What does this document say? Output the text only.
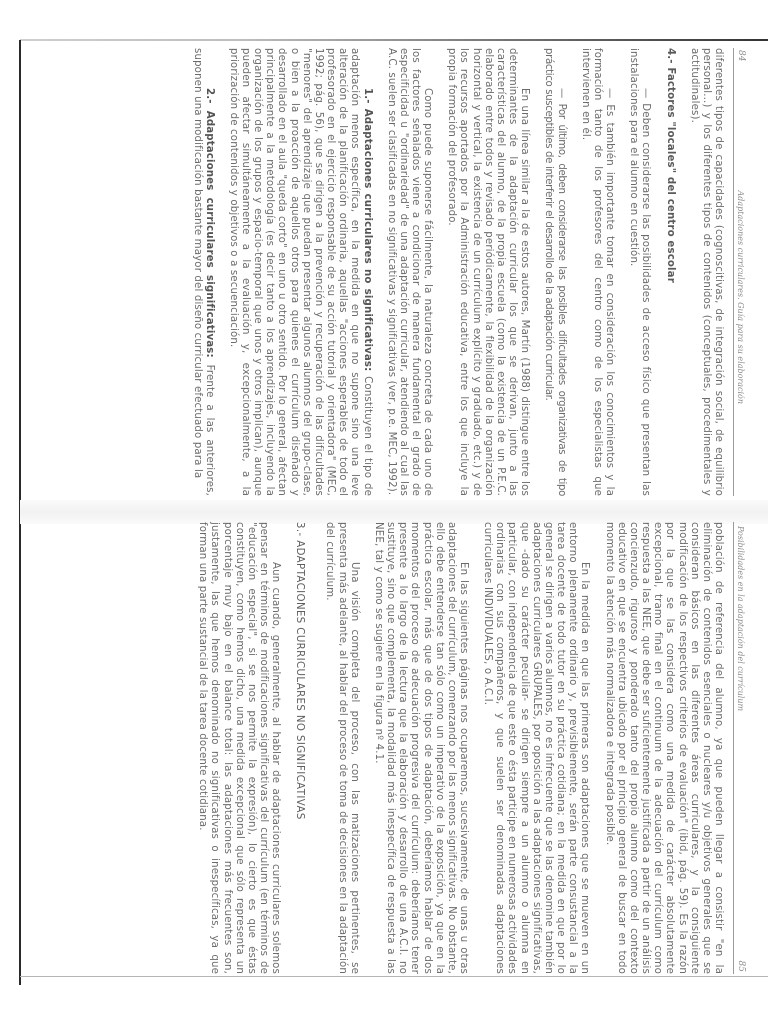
84
Adaptaciones curriculares. Guía para su elaboración

diferentes tipos de capacidades (cognoscitivas, de integración social, de equilibrio personal...) y los diferentes tipos de contenidos (conceptuales, procedimentales y actitudinales).

4.- Factores "locales" del centro escolar

— Deben considerarse las posibilidades de acceso físico que presentan las instalaciones para el alumno en cuestión.

— Es también importante tomar en consideración los conocimientos y la formación tanto de los profesores del centro como de los especialistas que intervienen en él.

— Por último, deben considerarse las posibles dificultades organizativas de tipo práctico susceptibles de interferir el desarrollo de la adaptación curricular.

En una línea similar a la de estos autores, Martín (1988) distingue entre los determinantes de la adaptación curricular los que se derivan, junto a las características del alumno, de la propia escuela (como la existencia de un P.E.C. elaborado entre todos y revisado periódicamente, la flexibilidad de la organización horizontal y vertical, la existencia de un currículum explícito y graduado, etc.) y de los recursos aportados por la Administración educativa, entre los que incluye la propia formación del profesorado.

Como puede suponerse fácilmente, la naturaleza concreta de cada uno de los factores señalados viene a condicionar de manera fundamental el grado de especificidad u "ordinariedad" de una adaptación curricular, atendiendo al cual las A.C. suelen ser clasificadas en no significativas y significativas (ver, p.e. MEC, 1992).

1.- Adaptaciones curriculares no significativas: Constituyen el tipo de adaptación menos específica, en la medida en que no supone sino una leve alteración de la planificación ordinaria, aquellas "acciones esperables de todo el profesorado en el ejercicio responsable de su acción tutorial y orientadora" (MEC, 1992; pág. 56), que se dirigen a la prevención y recuperación de las dificultades "menores" del aprendizaje que puedan presentar algunos alumnos del grupo-clase, o bien a la proacción de aquellos otros para quienes el currículum diseñado y desarrollado en el aula "queda corto" en uno u otro sentido. Por lo general, afectan principalmente a la metodología (es decir tanto a los aprendizajes, incluyendo la organización de los grupos y espacio-temporal que unos y otros implican), aunque pueden afectar simultáneamente a la evaluación y, excepcionalmente, a la priorización de contenidos y objetivos o a secuenciación.

2.- Adaptaciones curriculares significativas: Frente a las anteriores, suponen una modificación bastante mayor del diseño curricular efectuado para la

Posibilidades en la adaptación del currículum
85

población de referencia del alumno, ya que pueden llegar a consistir "en la eliminación de contenidos esenciales o nucleares y/u objetivos generales que se consideran básicos en las diferentes áreas curriculares, y la consiguiente modificación de los respectivos criterios de evaluación" (ibid, pág. 59). Es la razón por la que se las considera como una medida de carácter absolutamente excepcional, tramo final en el continuum de la adecuación del currículum como respuesta a las NEE, que debe ser suficientemente justificada a partir de un análisis concienzudo, riguroso y ponderado tanto del propio alumno como del contexto educativo en que se encuentra ubicado por el principio general de buscar en todo momento la atención más normalizadora e integrada posible.

En la medida en que las primeras son adaptaciones que se mueven en un entorno plenamente ordinario y, previsiblemente, serán parte consustancial a la tarea docente de todo tutor en su práctica cotidiana; en la medida en que por lo general se dirigen a varios alumnos, no es infrecuente que se las denomine también adaptaciones curriculares GRUPALES, por oposición a las adaptaciones significativas, que -dado su carácter peculiar- se dirigen siempre a un alumno o alumna en particular, con independencia de que este o ésta participe en numerosas actividades ordinarias con sus compañeros, y que suelen ser denominadas adaptaciones curriculares INDIVIDUALES, o A.C.I.

En las siguientes páginas nos ocuparemos, sucesivamente, de unas u otras adaptaciones del currículum, comenzando por las menos significativas. No obstante, ello debe entenderse tan sólo como un imperativo de la exposición, ya que en la práctica escolar, más que de dos tipos de adaptación, deberíamos hablar de dos momentos del proceso de adecuación progresiva del currículum: deberíamos tener presente a lo largo de la lectura que la elaboración y desarrollo de una A.C.I. no sustituye, sino que complementa, la modalidad más inespecífica de respuesta a las NEE, tal y como se sugiere en la figura nº 4.1.

Una visión completa del proceso, con las matizaciones pertinentes, se presenta más adelante, al hablar del proceso de toma de decisiones en la adaptación del currículum.

3.- ADAPTACIONES CURRICULARES NO SIGNIFICATIVAS

Aun cuando, generalmente, al hablar de adaptaciones curriculares solemos pensar en términos de modificaciones significativas del currículum (en términos de "educación especial", si se nos permite la expresión), lo cierto es que éstas constituyen, como hemos dicho, una medida excepcional que sólo representa un porcentaje muy bajo en el balance total: las adaptaciones más frecuentes son, justamente, las que hemos denominado no significativas o inespecíficas, ya que forman una parte sustancial de la tarea docente cotidiana.
